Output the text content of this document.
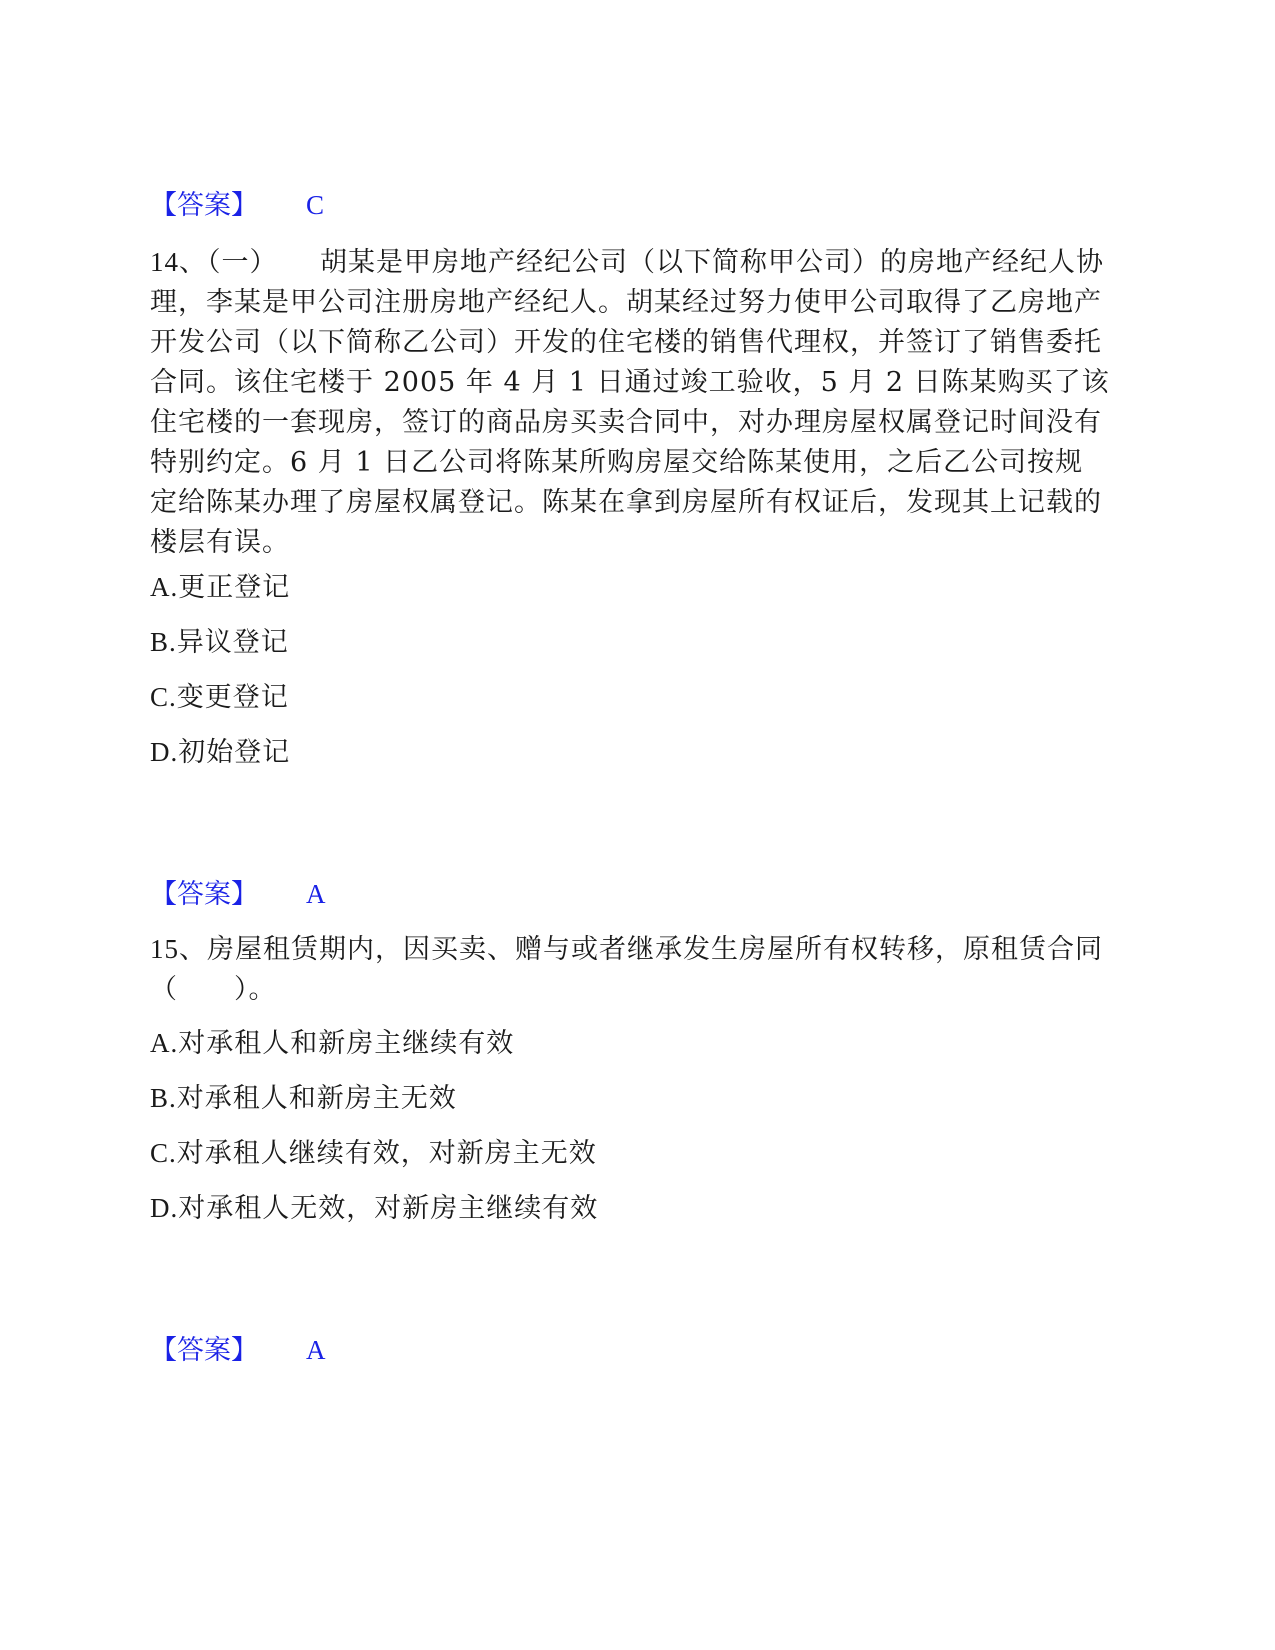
【答案】 C
14、（一）　　胡某是甲房地产经纪公司（以下简称甲公司）的房地产经纪人协理，李某是甲公司注册房地产经纪人。胡某经过努力使甲公司取得了乙房地产开发公司（以下简称乙公司）开发的住宅楼的销售代理权，并签订了销售委托合同。该住宅楼于 2005 年 4 月 1 日通过竣工验收，5 月 2 日陈某购买了该住宅楼的一套现房，签订的商品房买卖合同中，对办理房屋权属登记时间没有特别约定。6 月 1 日乙公司将陈某所购房屋交给陈某使用，之后乙公司按规定给陈某办理了房屋权属登记。陈某在拿到房屋所有权证后，发现其上记载的楼层有误。
A.更正登记
B.异议登记
C.变更登记
D.初始登记
【答案】 A
15、房屋租赁期内，因买卖、赠与或者继承发生房屋所有权转移，原租赁合同（　　）。
A.对承租人和新房主继续有效
B.对承租人和新房主无效
C.对承租人继续有效，对新房主无效
D.对承租人无效，对新房主继续有效
【答案】 A
